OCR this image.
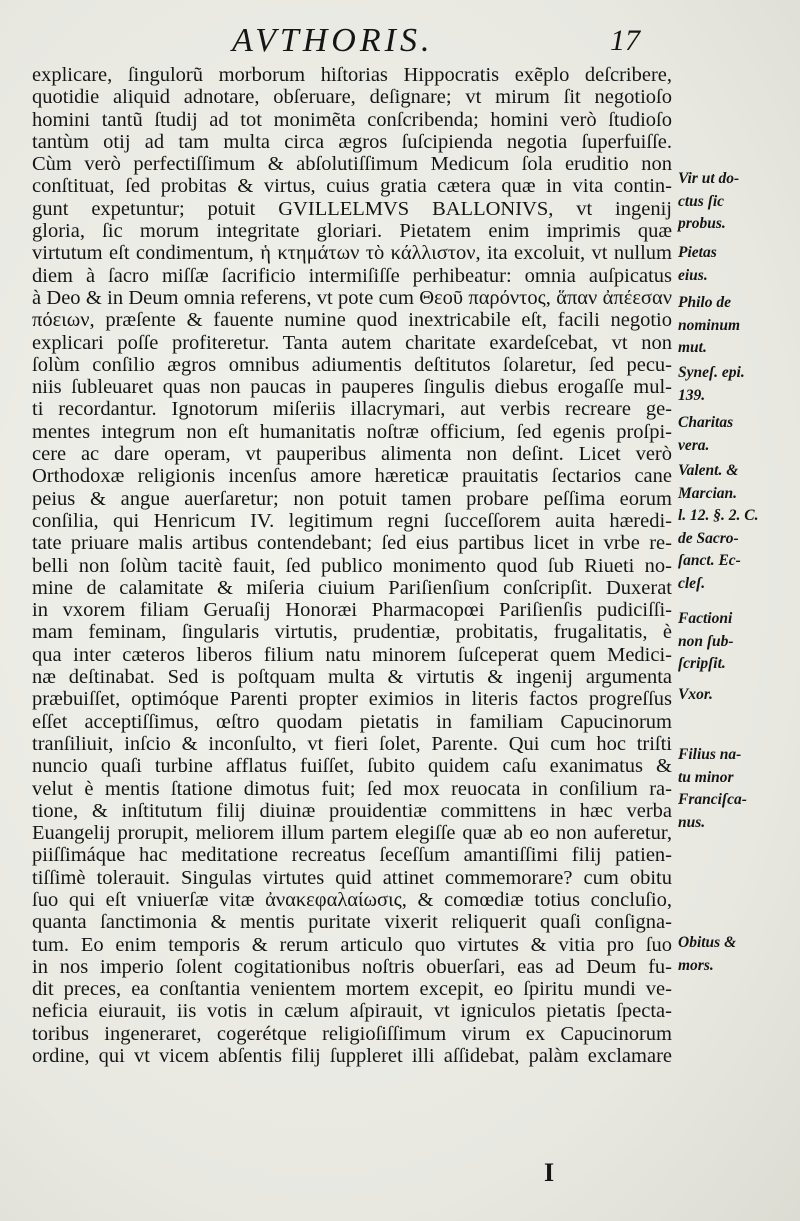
AVTHORIS.	17
explicare, ſingulorũ morborum hiſtorias Hippocratis exẽplo deſcribere,
quotidie aliquid adnotare, obſeruare, deſignare; vt mirum ſit negotioſo
homini tantũ ſtudij ad tot monimẽta conſcribenda; homini verò ſtudioſo
tantùm otij ad tam multa circa ægros ſuſcipienda negotia ſuperfuiſſe.
Cùm verò perfectiſſimum & abſolutiſſimum Medicum ſola eruditio non
conſtituat, ſed probitas & virtus, cuius gratia cætera quæ in vita contin-
gunt expetuntur; potuit GVILLELMVS BALLONIVS, vt ingenij
gloria, ſic morum integritate gloriari. Pietatem enim imprimis quæ
virtutum eſt condimentum, ἡ κτημάτων τὸ κάλλιστον, ita excoluit, vt nullum
diem à ſacro miſſæ ſacrificio intermiſiſſe perhibeatur: omnia auſpicatus
à Deo & in Deum omnia referens, vt pote cum Θεοῦ παρόντος, ἅπαν ἀπέεσαν
πόειων, præſente & fauente numine quod inextricabile eſt, facili negotio
explicari poſſe profiteretur. Tanta autem charitate exardeſcebat, vt non
ſolùm conſilio ægros omnibus adiumentis deſtitutos ſolaretur, ſed pecu-
niis ſubleuaret quas non paucas in pauperes ſingulis diebus erogaſſe mul-
ti recordantur. Ignotorum miſeriis illacrymari, aut verbis recreare ge-
mentes integrum non eſt humanitatis noſtræ officium, ſed egenis proſpi-
cere ac dare operam, vt pauperibus alimenta non deſint. Licet verò
Orthodoxæ religionis incenſus amore hæreticæ prauitatis ſectarios cane
peius & angue auerſaretur; non potuit tamen probare peſſima eorum
conſilia, qui Henricum IV. legitimum regni ſucceſſorem auita hæredi-
tate priuare malis artibus contendebant; ſed eius partibus licet in vrbe re-
belli non ſolùm tacitè fauit, ſed publico monimento quod ſub Riueti no-
mine de calamitate & miſeria ciuium Pariſienſium conſcripſit. Duxerat
in vxorem filiam Geruaſij Honoræi Pharmacopœi Pariſienſis pudiciſſi-
mam feminam, ſingularis virtutis, prudentiæ, probitatis, frugalitatis, è
qua inter cæteros liberos filium natu minorem ſuſceperat quem Medici-
næ deſtinabat. Sed is poſtquam multa & virtutis & ingenij argumenta
præbuiſſet, optimóque Parenti propter eximios in literis factos progreſſus
eſſet acceptiſſimus, œſtro quodam pietatis in familiam Capucinorum
tranſiliuit, inſcio & inconſulto, vt fieri ſolet, Parente. Qui cum hoc triſti
nuncio quaſi turbine afflatus fuiſſet, ſubito quidem caſu exanimatus &
velut è mentis ſtatione dimotus fuit; ſed mox reuocata in conſilium ra-
tione, & inſtitutum filij diuinæ prouidentiæ committens in hæc verba
Euangelij prorupit, meliorem illum partem elegiſſe quæ ab eo non auferetur,
piiſſimáque hac meditatione recreatus ſeceſſum amantiſſimi filij patien-
tiſſimè tolerauit. Singulas virtutes quid attinet commemorare? cum obitu
ſuo qui eſt vniuerſæ vitæ ἀνακεφαλαίωσις, & comœdiæ totius concluſio,
quanta ſanctimonia & mentis puritate vixerit reliquerit quaſi conſigna-
tum. Eo enim temporis & rerum articulo quo virtutes & vitia pro ſuo
in nos imperio ſolent cogitationibus noſtris obuerſari, eas ad Deum fu-
dit preces, ea conſtantia venientem mortem excepit, eo ſpiritu mundi ve-
neficia eiurauit, iis votis in cælum aſpirauit, vt igniculos pietatis ſpecta-
toribus ingeneraret, cogerétque religioſiſſimum virum ex Capucinorum
ordine, qui vt vicem abſentis filij ſuppleret illi aſſidebat, palàm exclamare
Vir ut do-
ctus ſic
probus.
Pietas
eius.
Philo de
nominum
mut.
Syneſ. epi.
139.
Charitas
vera.
Valent. &
Marcian.
l. 12. §. 2. C.
de Sacro-
ſanct. Ec-
cleſ.
Factioni
non ſub-
ſcripſit.
Vxor.
Filius na-
tu minor
Franciſca-
nus.
Obitus &
mors.
I
